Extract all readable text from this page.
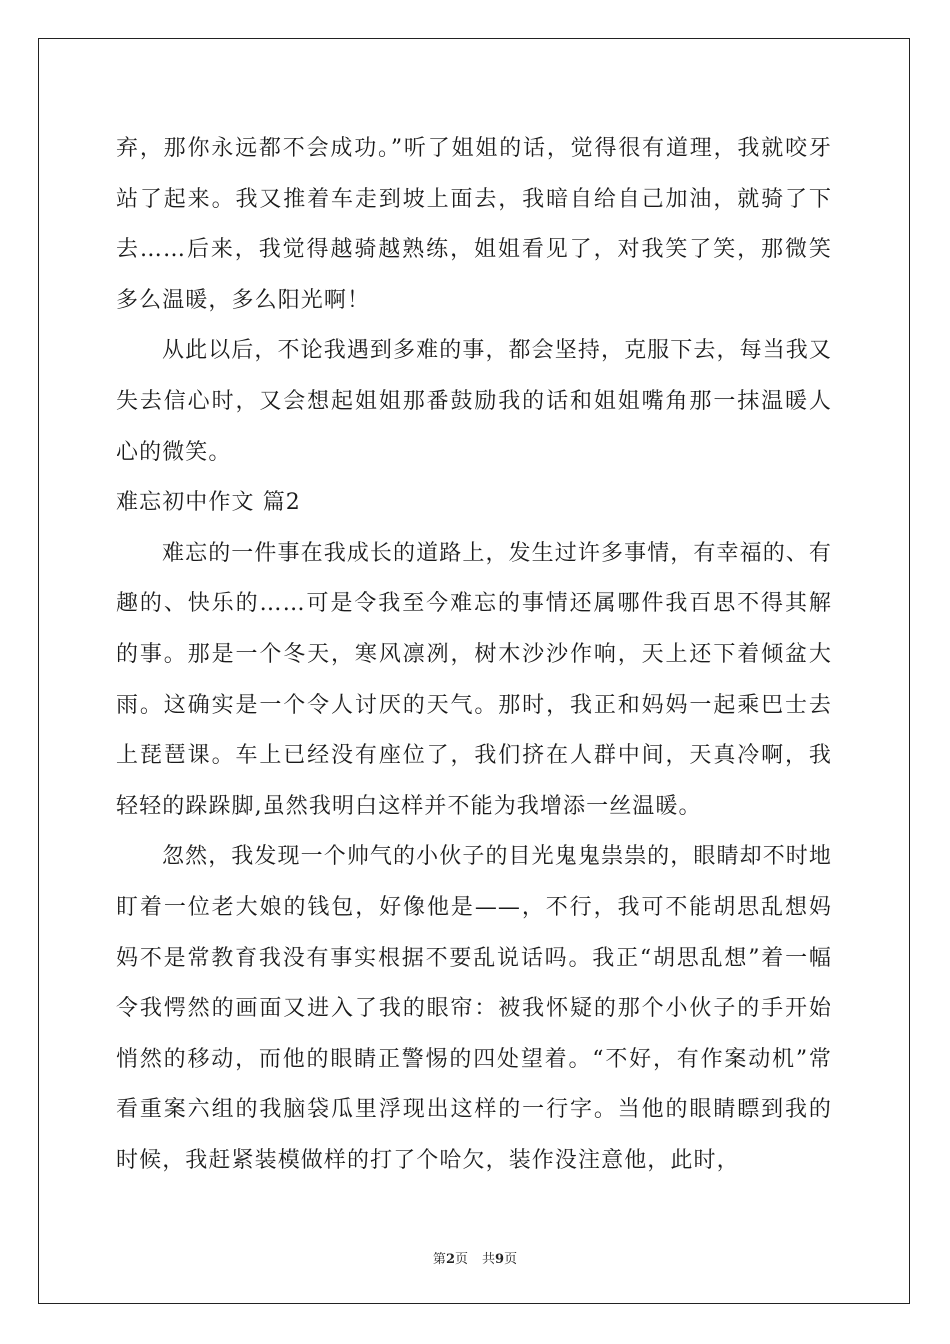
弃，那你永远都不会成功。”听了姐姐的话，觉得很有道理，我就咬牙站了起来。我又推着车走到坡上面去，我暗自给自己加油，就骑了下去……后来，我觉得越骑越熟练，姐姐看见了，对我笑了笑，那微笑多么温暖，多么阳光啊！

从此以后，不论我遇到多难的事，都会坚持，克服下去，每当我又失去信心时，又会想起姐姐那番鼓励我的话和姐姐嘴角那一抹温暖人心的微笑。

难忘初中作文 篇2

难忘的一件事在我成长的道路上，发生过许多事情，有幸福的、有趣的、快乐的……可是令我至今难忘的事情还属哪件我百思不得其解的事。那是一个冬天，寒风凛冽，树木沙沙作响，天上还下着倾盆大雨。这确实是一个令人讨厌的天气。那时，我正和妈妈一起乘巴士去上琵琶课。车上已经没有座位了，我们挤在人群中间，天真冷啊，我轻轻的跺跺脚,虽然我明白这样并不能为我增添一丝温暖。

忽然，我发现一个帅气的小伙子的目光鬼鬼祟祟的，眼睛却不时地盯着一位老大娘的钱包，好像他是——，不行，我可不能胡思乱想妈妈不是常教育我没有事实根据不要乱说话吗。我正“胡思乱想”着一幅令我愕然的画面又进入了我的眼帘：被我怀疑的那个小伙子的手开始悄然的移动，而他的眼睛正警惕的四处望着。“不好，有作案动机”常看重案六组的我脑袋瓜里浮现出这样的一行字。当他的眼睛瞟到我的时候，我赶紧装模做样的打了个哈欠，装作没注意他，此时，

第2页 共9页
